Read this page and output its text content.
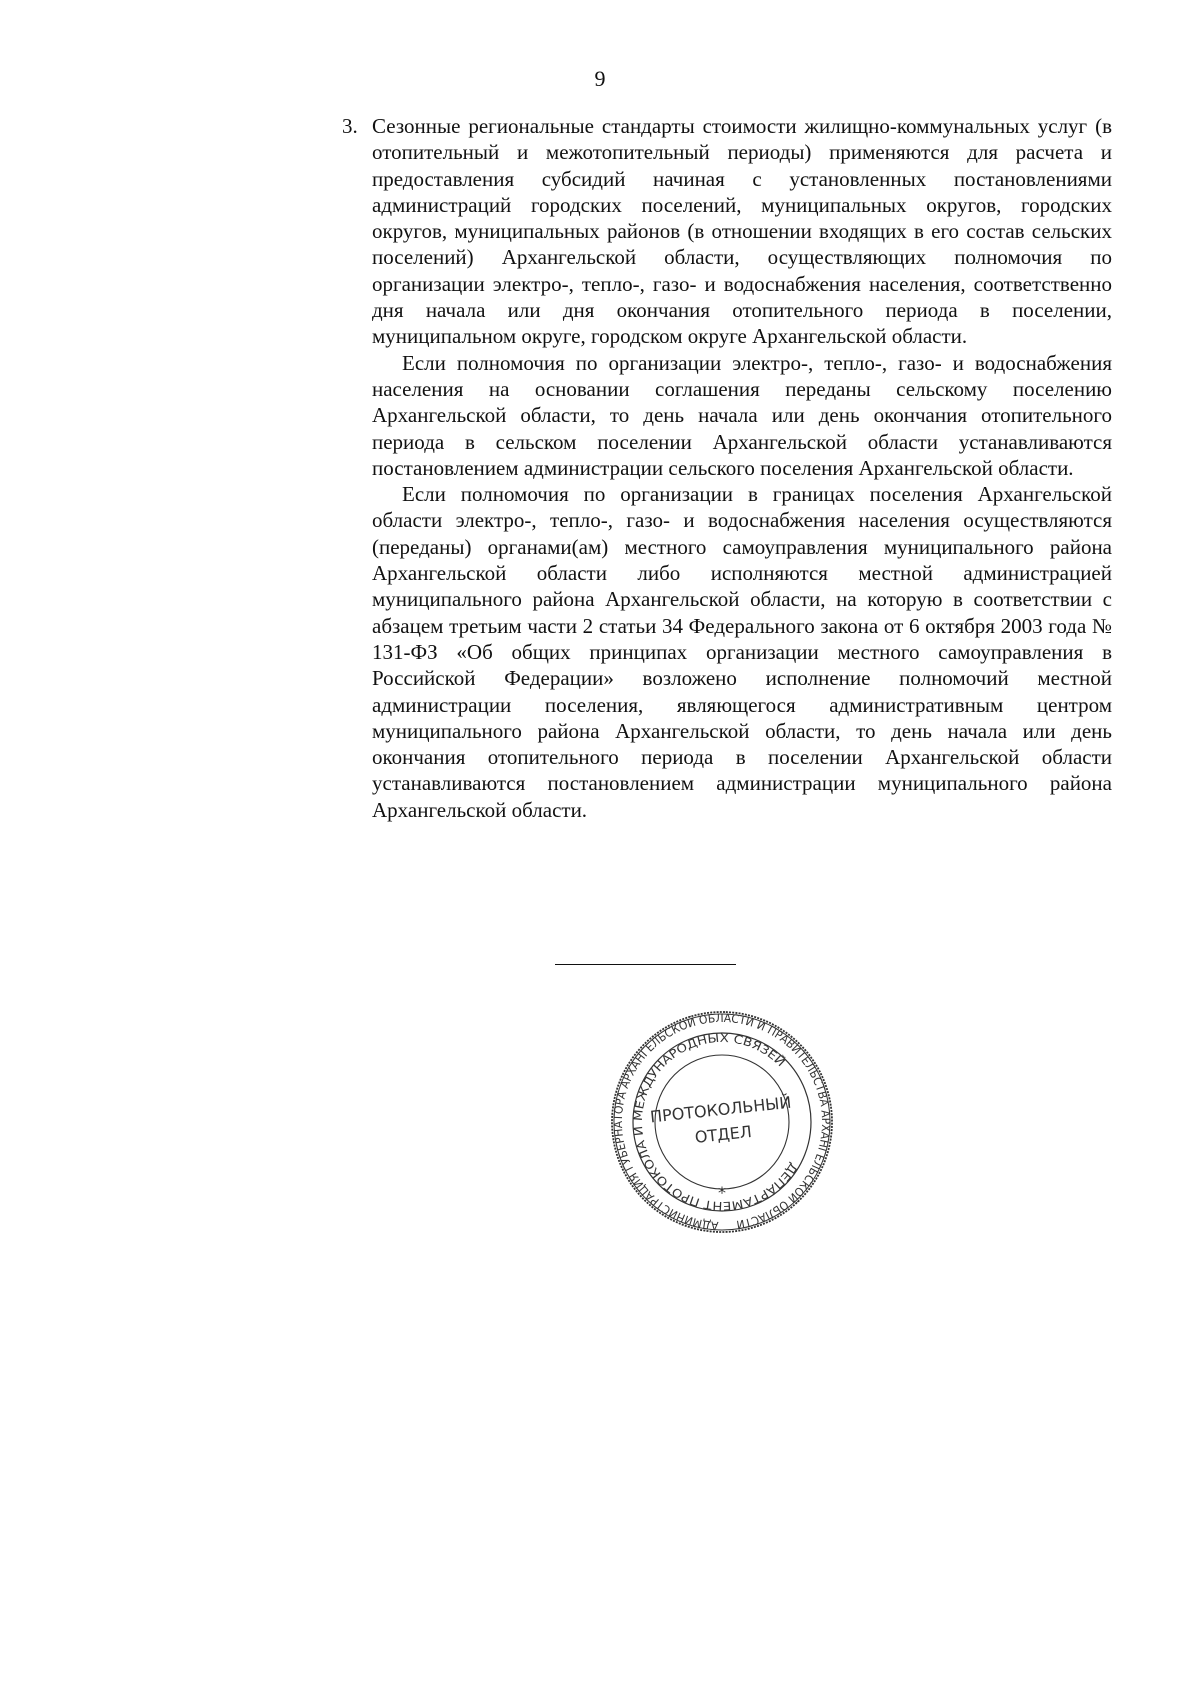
9

3. Сезонные региональные стандарты стоимости жилищно-коммунальных услуг (в отопительный и межотопительный периоды) применяются для расчета и предоставления субсидий начиная с установленных постановлениями администраций городских поселений, муниципальных округов, городских округов, муниципальных районов (в отношении входящих в его состав сельских поселений) Архангельской области, осуществляющих полномочия по организации электро-, тепло-, газо- и водоснабжения населения, соответственно дня начала или дня окончания отопительного периода в поселении, муниципальном округе, городском округе Архангельской области.

Если полномочия по организации электро-, тепло-, газо- и водоснабжения населения на основании соглашения переданы сельскому поселению Архангельской области, то день начала или день окончания отопительного периода в сельском поселении Архангельской области устанавливаются постановлением администрации сельского поселения Архангельской области.

Если полномочия по организации в границах поселения Архангельской области электро-, тепло-, газо- и водоснабжения населения осуществляются (переданы) органами(ам) местного самоуправления муниципального района Архангельской области либо исполняются местной администрацией муниципального района Архангельской области, на которую в соответствии с абзацем третьим части 2 статьи 34 Федерального закона от 6 октября 2003 года № 131-ФЗ «Об общих принципах организации местного самоуправления в Российской Федерации» возложено исполнение полномочий местной администрации поселения, являющегося административным центром муниципального района Архангельской области, то день начала или день окончания отопительного периода в поселении Архангельской области устанавливаются постановлением администрации муниципального района Архангельской области.

АДМИНИСТРАЦИЯ ГУБЕРНАТОРА АРХАНГЕЛЬСКОЙ ОБЛАСТИ И ПРАВИТЕЛЬСТВА АРХАНГЕЛЬСКОЙ ОБЛАСТИ
ДЕПАРТАМЕНТ ПРОТОКОЛА И МЕЖДУНАРОДНЫХ СВЯЗЕЙ
ПРОТОКОЛЬНЫЙ
ОТДЕЛ
*
